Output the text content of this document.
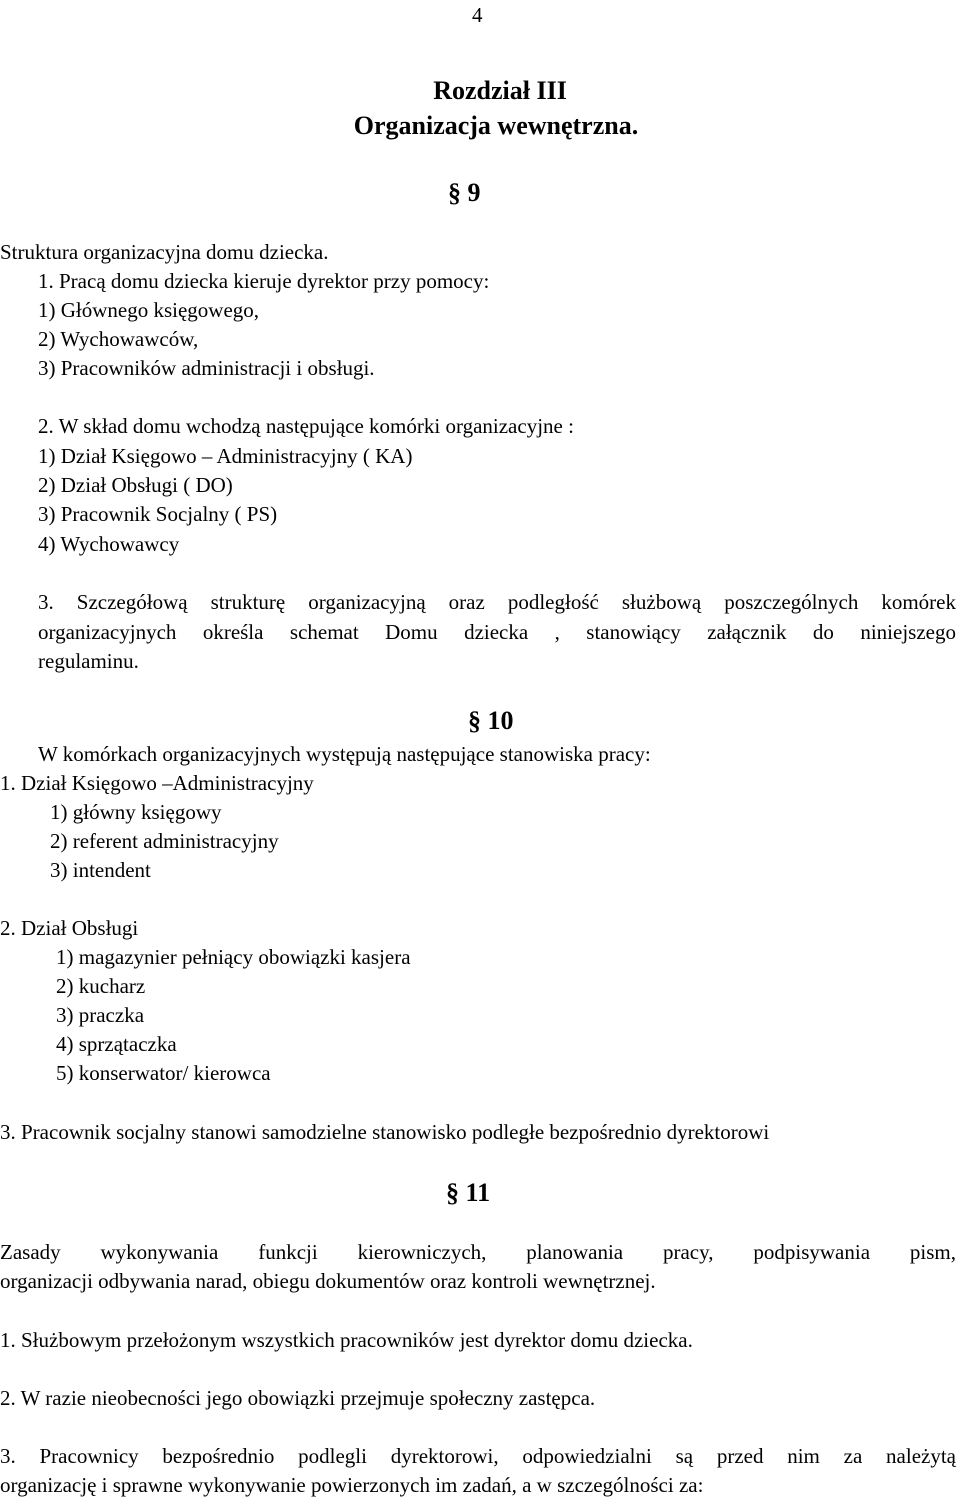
4
Rozdział III
Organizacja wewnętrzna.
§ 9
Struktura organizacyjna domu dziecka.
1. Pracą domu dziecka kieruje dyrektor przy pomocy:
1) Głównego księgowego,
2) Wychowawców,
3) Pracowników administracji i obsługi.
2. W skład domu wchodzą następujące komórki organizacyjne :
1) Dział Księgowo – Administracyjny ( KA)
2) Dział Obsługi ( DO)
3) Pracownik Socjalny ( PS)
4) Wychowawcy
3. Szczegółową strukturę organizacyjną oraz podległość służbową poszczególnych komórek
organizacyjnych określa schemat Domu dziecka , stanowiący załącznik do niniejszego
regulaminu.
§ 10
W komórkach organizacyjnych występują następujące stanowiska pracy:
1. Dział Księgowo –Administracyjny
1) główny księgowy
2) referent administracyjny
3) intendent
2. Dział Obsługi
1) magazynier pełniący obowiązki kasjera
2) kucharz
3) praczka
4) sprzątaczka
5) konserwator/ kierowca
3. Pracownik socjalny stanowi samodzielne stanowisko podległe bezpośrednio dyrektorowi
§ 11
Zasady wykonywania funkcji kierowniczych, planowania pracy, podpisywania pism,
organizacji odbywania narad, obiegu dokumentów oraz kontroli wewnętrznej.
1. Służbowym przełożonym wszystkich pracowników jest dyrektor domu dziecka.
2. W razie nieobecności jego obowiązki przejmuje społeczny zastępca.
3. Pracownicy bezpośrednio podlegli dyrektorowi, odpowiedzialni są przed nim za należytą
organizację i sprawne wykonywanie powierzonych im zadań, a w szczególności za:
